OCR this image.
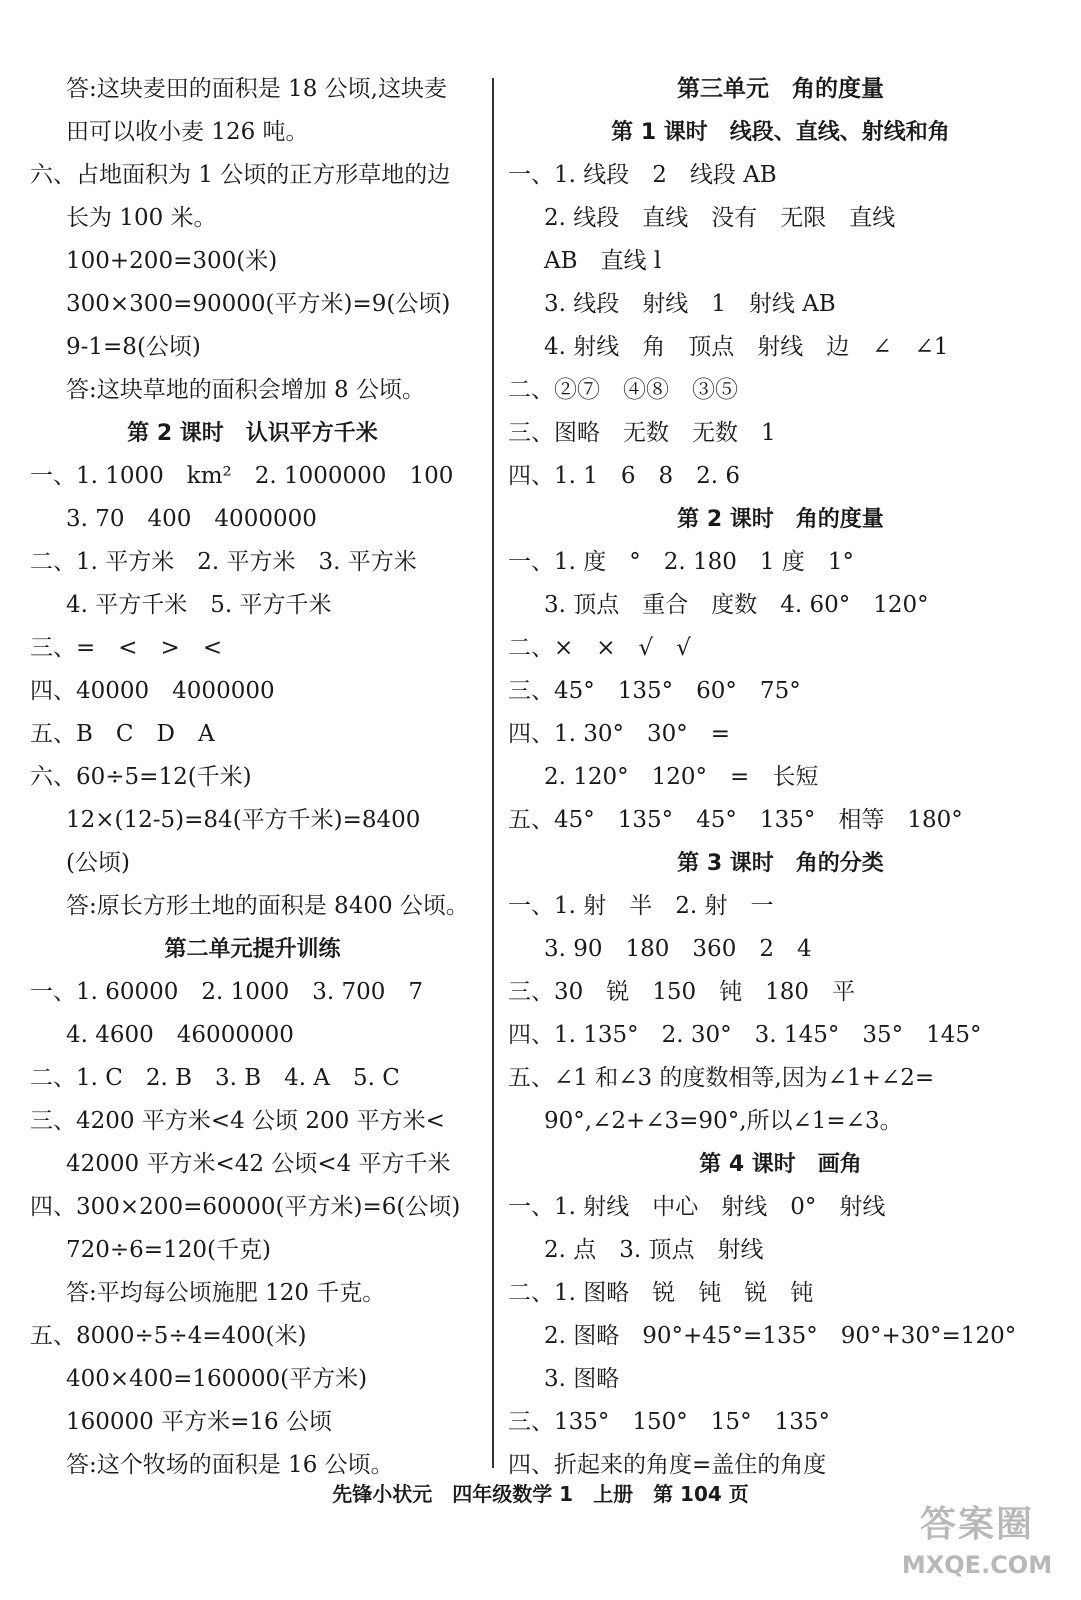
答:这块麦田的面积是 18 公顷,这块麦
田可以收小麦 126 吨。
六、占地面积为 1 公顷的正方形草地的边
长为 100 米。
100+200=300(米)
300×300=90000(平方米)=9(公顷)
9-1=8(公顷)
答:这块草地的面积会增加 8 公顷。
第 2 课时　认识平方千米
一、1. 1000　km²　2. 1000000　100
3. 70　400　4000000
二、1. 平方米　2. 平方米　3. 平方米
4. 平方千米　5. 平方千米
三、=　<　>　<
四、40000　4000000
五、B　C　D　A
六、60÷5=12(千米)
12×(12-5)=84(平方千米)=8400
(公顷)
答:原长方形土地的面积是 8400 公顷。
第二单元提升训练
一、1. 60000　2. 1000　3. 700　7
4. 4600　46000000
二、1. C　2. B　3. B　4. A　5. C
三、4200 平方米<4 公顷 200 平方米<
42000 平方米<42 公顷<4 平方千米
四、300×200=60000(平方米)=6(公顷)
720÷6=120(千克)
答:平均每公顷施肥 120 千克。
五、8000÷5÷4=400(米)
400×400=160000(平方米)
160000 平方米=16 公顷
答:这个牧场的面积是 16 公顷。
第三单元　角的度量
第 1 课时　线段、直线、射线和角
一、1. 线段　2　线段 AB
2. 线段　直线　没有　无限　直线
AB　直线 l
3. 线段　射线　1　射线 AB
4. 射线　角　顶点　射线　边　∠　∠1
二、②⑦　④⑧　③⑤
三、图略　无数　无数　1
四、1. 1　6　8　2. 6
第 2 课时　角的度量
一、1. 度　°　2. 180　1 度　1°
3. 顶点　重合　度数　4. 60°　120°
二、×　×　√　√
三、45°　135°　60°　75°
四、1. 30°　30°　=
2. 120°　120°　=　长短
五、45°　135°　45°　135°　相等　180°
第 3 课时　角的分类
一、1. 射　半　2. 射　一
3. 90　180　360　2　4
三、30　锐　150　钝　180　平
四、1. 135°　2. 30°　3. 145°　35°　145°
五、∠1 和∠3 的度数相等,因为∠1+∠2=
90°,∠2+∠3=90°,所以∠1=∠3。
第 4 课时　画角
一、1. 射线　中心　射线　0°　射线
2. 点　3. 顶点　射线
二、1. 图略　锐　钝　锐　钝
2. 图略　90°+45°=135°　90°+30°=120°
3. 图略
三、135°　150°　15°　135°
四、折起来的角度=盖住的角度
先锋小状元　四年级数学 1　上册　第 104 页
答案圈
MXQE.COM
